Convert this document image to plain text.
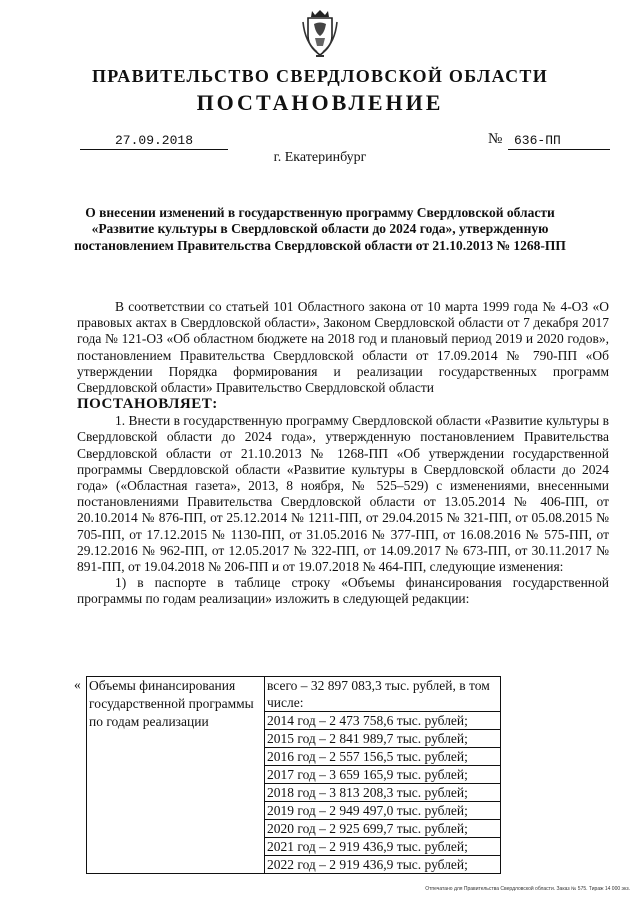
ПРАВИТЕЛЬСТВО СВЕРДЛОВСКОЙ ОБЛАСТИ
ПОСТАНОВЛЕНИЕ
27.09.2018	№ 636-ПП
г. Екатеринбург
О внесении изменений в государственную программу Свердловской области «Развитие культуры в Свердловской области до 2024 года», утвержденную постановлением Правительства Свердловской области от 21.10.2013 № 1268-ПП

В соответствии со статьей 101 Областного закона от 10 марта 1999 года № 4-ОЗ «О правовых актах в Свердловской области», Законом Свердловской области от 7 декабря 2017 года № 121-ОЗ «Об областном бюджете на 2018 год и плановый период 2019 и 2020 годов», постановлением Правительства Свердловской области от 17.09.2014 № 790-ПП «Об утверждении Порядка формирования и реализации государственных программ Свердловской области» Правительство Свердловской области

ПОСТАНОВЛЯЕТ:

1. Внести в государственную программу Свердловской области «Развитие культуры в Свердловской области до 2024 года», утвержденную постановлением Правительства Свердловской области от 21.10.2013 № 1268-ПП «Об утверждении государственной программы Свердловской области «Развитие культуры в Свердловской области до 2024 года» («Областная газета», 2013, 8 ноября, № 525–529) с изменениями, внесенными постановлениями Правительства Свердловской области от 13.05.2014 № 406-ПП, от 20.10.2014 № 876-ПП, от 25.12.2014 № 1211-ПП, от 29.04.2015 № 321-ПП, от 05.08.2015 № 705-ПП, от 17.12.2015 № 1130-ПП, от 31.05.2016 № 377-ПП, от 16.08.2016 № 575-ПП, от 29.12.2016 № 962-ПП, от 12.05.2017 № 322-ПП, от 14.09.2017 № 673-ПП, от 30.11.2017 № 891-ПП, от 19.04.2018 № 206-ПП и от 19.07.2018 № 464-ПП, следующие изменения:

1) в паспорте в таблице строку «Объемы финансирования государственной программы по годам реализации» изложить в следующей редакции:

« Объемы финансирования государственной программы по годам реализации	всего – 32 897 083,3 тыс. рублей, в том числе:
2014 год – 2 473 758,6 тыс. рублей;
2015 год – 2 841 989,7 тыс. рублей;
2016 год – 2 557 156,5 тыс. рублей;
2017 год – 3 659 165,9 тыс. рублей;
2018 год – 3 813 208,3 тыс. рублей;
2019 год – 2 949 497,0 тыс. рублей;
2020 год – 2 925 699,7 тыс. рублей;
2021 год – 2 919 436,9 тыс. рублей;
2022 год – 2 919 436,9 тыс. рублей;
Отпечатано для Правительства Свердловской области. Заказ № 575. Тираж 14 000 экз.
